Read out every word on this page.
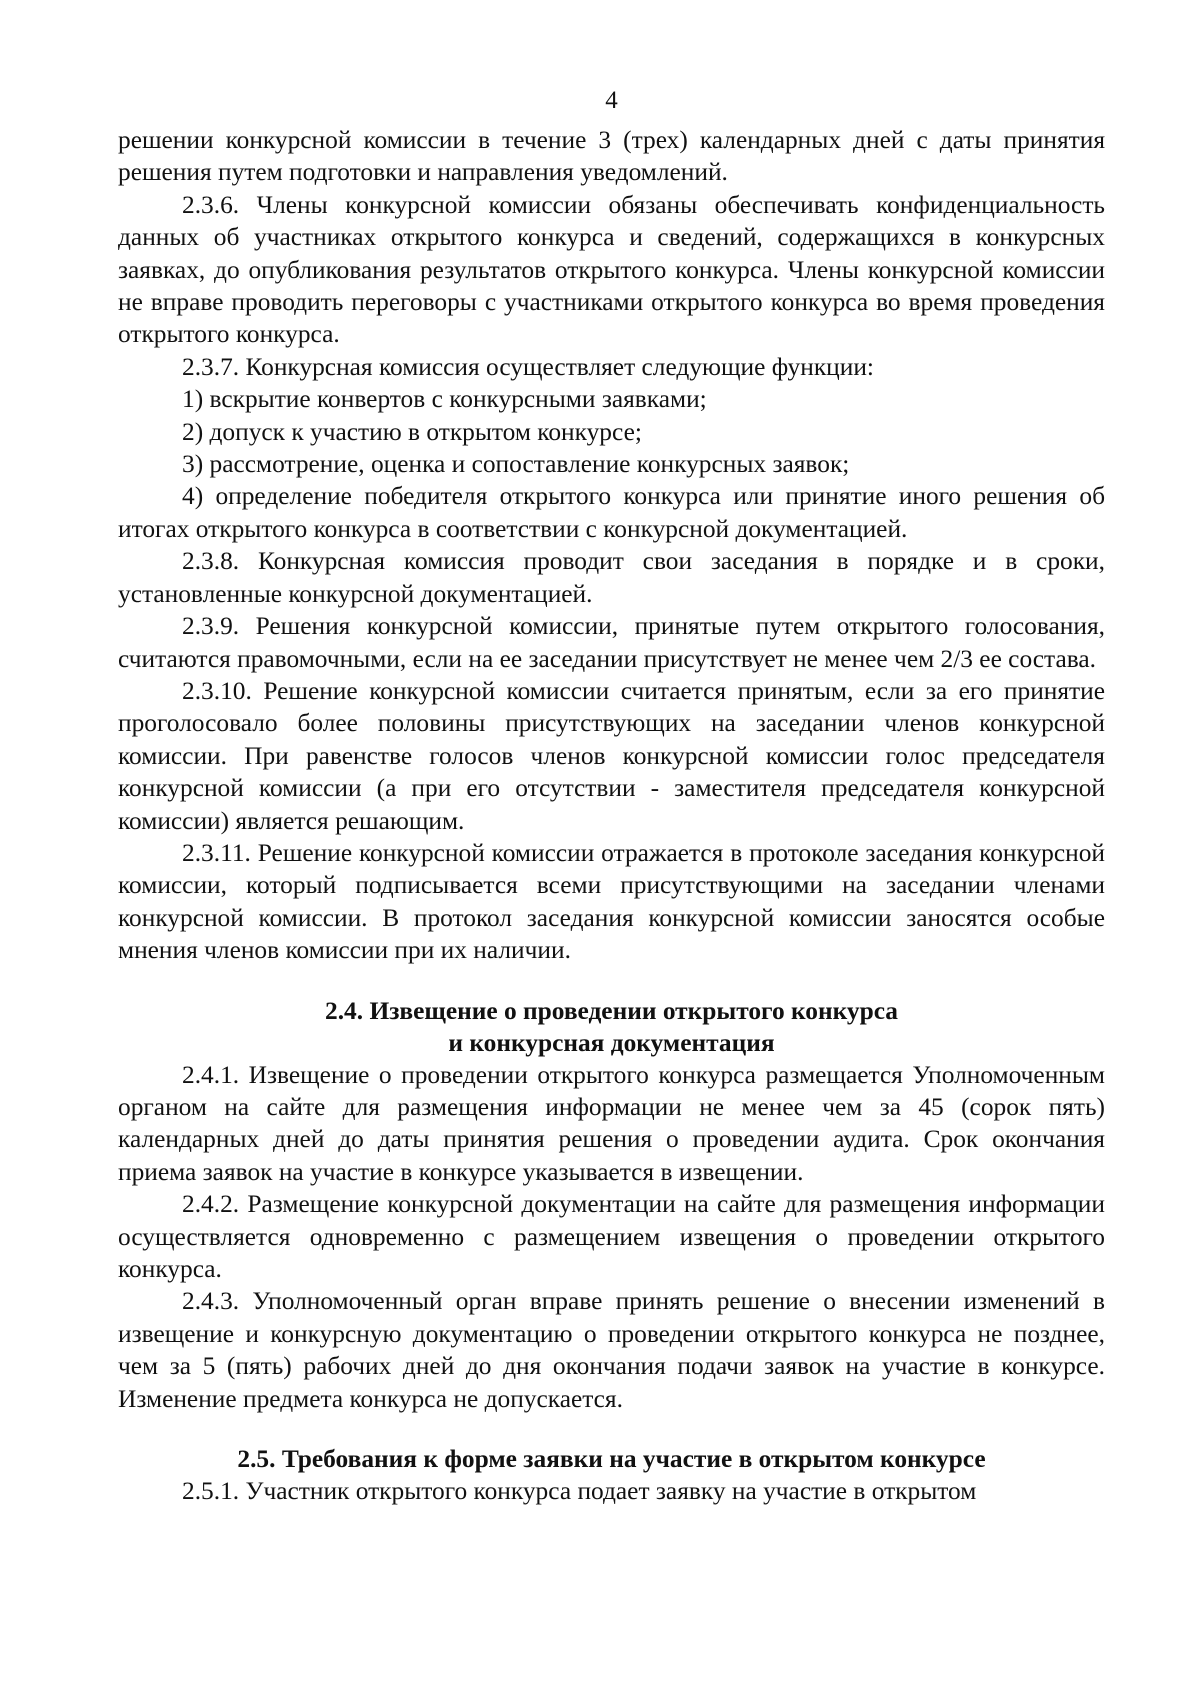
4

решении конкурсной комиссии в течение 3 (трех) календарных дней с даты принятия решения путем подготовки и направления уведомлений.

2.3.6. Члены конкурсной комиссии обязаны обеспечивать конфиденциальность данных об участниках открытого конкурса и сведений, содержащихся в конкурсных заявках, до опубликования результатов открытого конкурса. Члены конкурсной комиссии не вправе проводить переговоры с участниками открытого конкурса во время проведения открытого конкурса.

2.3.7. Конкурсная комиссия осуществляет следующие функции:

1) вскрытие конвертов с конкурсными заявками;

2) допуск к участию в открытом конкурсе;

3) рассмотрение, оценка и сопоставление конкурсных заявок;

4) определение победителя открытого конкурса или принятие иного решения об итогах открытого конкурса в соответствии с конкурсной документацией.

2.3.8. Конкурсная комиссия проводит свои заседания в порядке и в сроки, установленные конкурсной документацией.

2.3.9. Решения конкурсной комиссии, принятые путем открытого голосования, считаются правомочными, если на ее заседании присутствует не менее чем 2/3 ее состава.

2.3.10. Решение конкурсной комиссии считается принятым, если за его принятие проголосовало более половины присутствующих на заседании членов конкурсной комиссии. При равенстве голосов членов конкурсной комиссии голос председателя конкурсной комиссии (а при его отсутствии - заместителя председателя конкурсной комиссии) является решающим.

2.3.11. Решение конкурсной комиссии отражается в протоколе заседания конкурсной комиссии, который подписывается всеми присутствующими на заседании членами конкурсной комиссии. В протокол заседания конкурсной комиссии заносятся особые мнения членов комиссии при их наличии.

2.4. Извещение о проведении открытого конкурса
и конкурсная документация

2.4.1. Извещение о проведении открытого конкурса размещается Уполномоченным органом на сайте для размещения информации не менее чем за 45 (сорок пять) календарных дней до даты принятия решения о проведении аудита. Срок окончания приема заявок на участие в конкурсе указывается в извещении.

2.4.2. Размещение конкурсной документации на сайте для размещения информации осуществляется одновременно с размещением извещения о проведении открытого конкурса.

2.4.3. Уполномоченный орган вправе принять решение о внесении изменений в извещение и конкурсную документацию о проведении открытого конкурса не позднее, чем за 5 (пять) рабочих дней до дня окончания подачи заявок на участие в конкурсе. Изменение предмета конкурса не допускается.

2.5. Требования к форме заявки на участие в открытом конкурсе

2.5.1. Участник открытого конкурса подает заявку на участие в открытом
